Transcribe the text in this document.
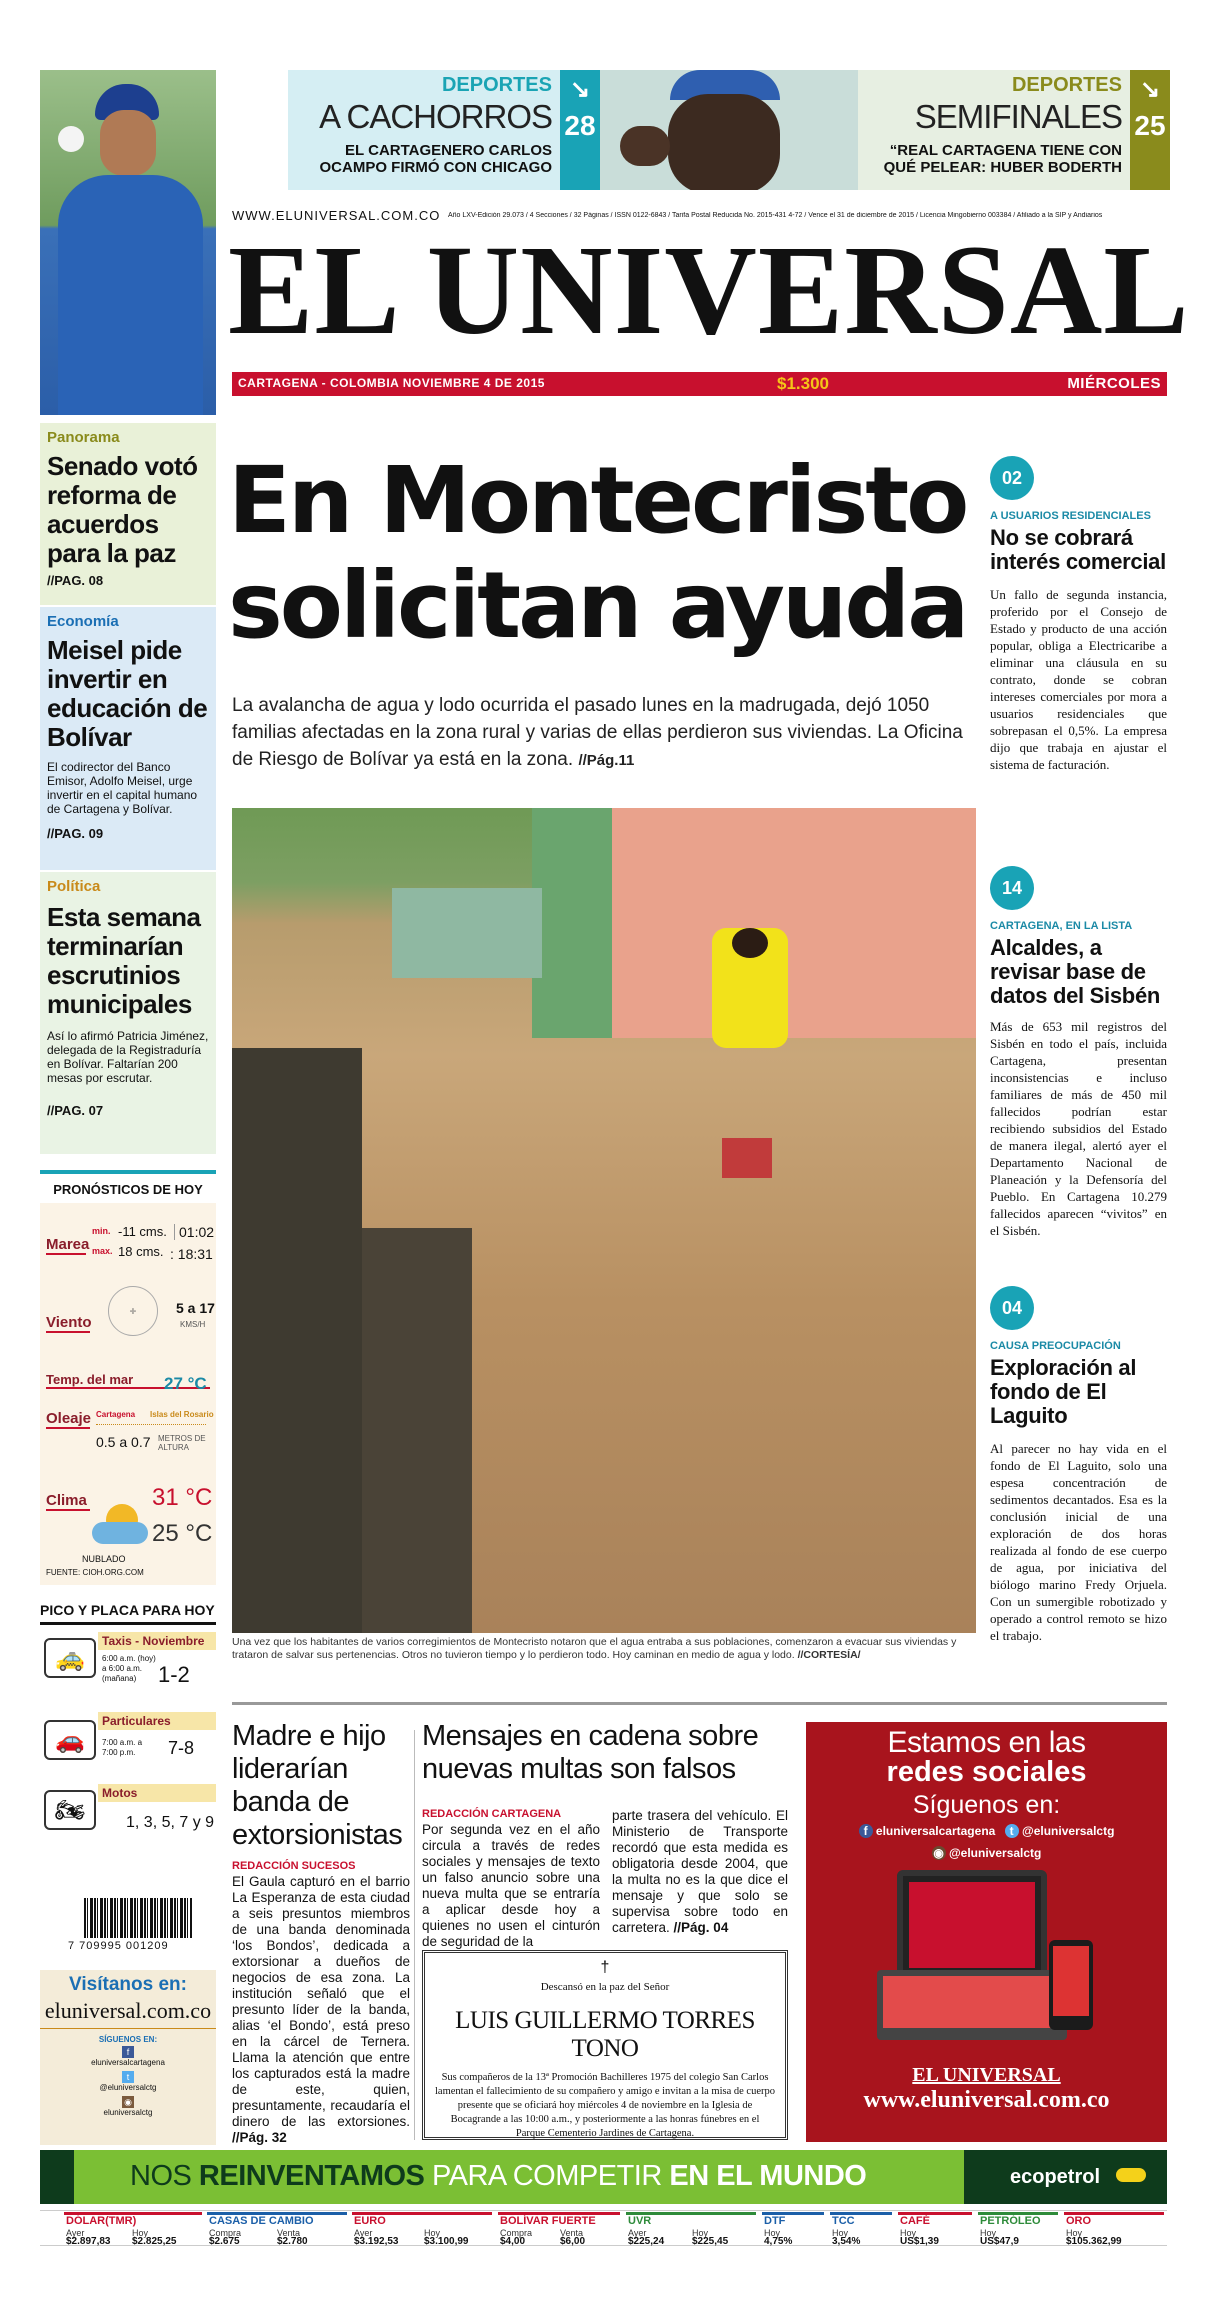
DEPORTES
A CACHORROS
EL CARTAGENERO CARLOS OCAMPO FIRMÓ CON CHICAGO
↘
28
DEPORTES
SEMIFINALES
“REAL CARTAGENA TIENE CON QUÉ PELEAR: HUBER BODERTH
↘
25
WWW.ELUNIVERSAL.COM.CO Año LXV-Edición 29.073 / 4 Secciones / 32 Páginas / ISSN 0122-6843 / Tarifa Postal Reducida No. 2015-431 4-72 / Vence el 31 de diciembre de 2015 / Licencia Mingobierno 003384 / Afiliado a la SIP y Andiarios
EL UNIVERSAL
CARTAGENA - COLOMBIA NOVIEMBRE 4 DE 2015	$1.300	MIÉRCOLES
Panorama
Senado votó reforma de acuerdos para la paz
//PAG. 08
Economía
Meisel pide invertir en educación de Bolívar
El codirector del Banco Emisor, Adolfo Meisel, urge invertir en el capital humano de Cartagena y Bolívar.
//PAG. 09
Política
Esta semana terminarían escrutinios municipales
Así lo afirmó Patricia Jiménez, delegada de la Registraduría en Bolívar. Faltarían 200 mesas por escrutar.
//PAG. 07
PRONÓSTICOS DE HOY
Marea
min. -11 cms.
max. 18 cms.
01:02
: 18:31
Viento
✛	5 a 17
KMS/H
Temp. del mar	27 °C
Oleaje Cartagena Islas del Rosario
0.5 a 0.7 METROS DE ALTURA
Clima	31 °C
25 °C
NUBLADO
FUENTE: CIOH.ORG.COM
PICO Y PLACA PARA HOY
🚕
Taxis - Noviembre
6:00 a.m. (hoy) a 6:00 a.m. (mañana) 1-2
🚗
Particulares
7:00 a.m. a 7:00 p.m.	7-8
🏍
Motos
1, 3, 5, 7 y 9
7 709995 001209
Visítanos en:
eluniversal.com.co
SÍGUENOS EN:
f
eluniversalcartagena
t
@eluniversalctg
◉
eluniversalctg
En Montecristo
solicitan ayuda
La avalancha de agua y lodo ocurrida el pasado lunes en la madrugada, dejó 1050 familias afectadas en la zona rural y varias de ellas perdieron sus viviendas. La Oficina de Riesgo de Bolívar ya está en la zona. //Pág.11
Una vez que los habitantes de varios corregimientos de Montecristo notaron que el agua entraba a sus poblaciones, comenzaron a evacuar sus viviendas y trataron de salvar sus pertenencias. Otros no tuvieron tiempo y lo perdieron todo. Hoy caminan en medio de agua y lodo. //CORTESÍA/
02
A USUARIOS RESIDENCIALES
No se cobrará interés comercial
Un fallo de segunda instancia, proferido por el Consejo de Estado y producto de una acción popular, obliga a Electricaribe a eliminar una cláusula en su contrato, donde se cobran intereses comerciales por mora a usuarios residenciales que sobrepasan el 0,5%. La empresa dijo que trabaja en ajustar el sistema de facturación.
14
CARTAGENA, EN LA LISTA
Alcaldes, a revisar base de datos del Sisbén
Más de 653 mil registros del Sisbén en todo el país, incluida Cartagena, presentan inconsistencias e incluso familiares de más de 450 mil fallecidos podrían estar recibiendo subsidios del Estado de manera ilegal, alertó ayer el Departamento Nacional de Planeación y la Defensoría del Pueblo. En Cartagena 10.279 fallecidos aparecen “vivitos” en el Sisbén.
04
CAUSA PREOCUPACIÓN
Exploración al fondo de El Laguito
Al parecer no hay vida en el fondo de El Laguito, solo una espesa concentración de sedimentos decantados. Esa es la conclusión inicial de una exploración de dos horas realizada al fondo de ese cuerpo de agua, por iniciativa del biólogo marino Fredy Orjuela. Con un sumergible robotizado y operado a control remoto se hizo el trabajo.
Madre e hijo liderarían banda de extorsionistas
REDACCIÓN SUCESOS
El Gaula capturó en el barrio La Esperanza de esta ciudad a seis presuntos miembros de una banda denominada ‘los Bondos’, dedicada a extorsionar a dueños de negocios de esa zona. La institución señaló que el presunto líder de la banda, alias ‘el Bondo’, está preso en la cárcel de Ternera. Llama la atención que entre los capturados está la madre de este, quien, presuntamente, recaudaría el dinero de las extorsiones. //Pág. 32
Mensajes en cadena sobre nuevas multas son falsos
REDACCIÓN CARTAGENA
Por segunda vez en el año circula a través de redes sociales y mensajes de texto un falso anuncio sobre una nueva multa que se entraría a aplicar desde hoy a quienes no usen el cinturón de seguridad de la
parte trasera del vehículo. El Ministerio de Transporte recordó que esta medida es obligatoria desde 2004, que la multa no es la que dice el mensaje y que solo se supervisa sobre todo en carretera. //Pág. 04
†
Descansó en la paz del Señor
LUIS GUILLERMO TORRES TONO
Sus compañeros de la 13ª Promoción Bachilleres 1975 del colegio San Carlos lamentan el fallecimiento de su compañero y amigo e invitan a la misa de cuerpo presente que se oficiará hoy miércoles 4 de noviembre en la Iglesia de Bocagrande a las 10:00 a.m., y posteriormente a las honras fúnebres en el Parque Cementerio Jardines de Cartagena.
Estamos en las
redes sociales
Síguenos en:
f eluniversalcartagena t @eluniversalctg
◉ @eluniversalctg
EL UNIVERSAL
www.eluniversal.com.co
NOS REINVENTAMOS PARA COMPETIR EN EL MUNDO	ecopetrol
DÓLAR(TMR)
Ayer	Hoy
$2.897,83 $2.825,25
CASAS DE CAMBIO
Compra	Venta
$2.675	$2.780
EURO
Ayer	Hoy
$3.192,53	$3.100,99
BOLÍVAR FUERTE
Compra	Venta
$4,00	$6,00
UVR
Ayer	Hoy
$225,24	$225,45
DTF
Hoy
4,75%
TCC
Hoy
3,54%
CAFÉ
Hoy
US$1,39
PETRÓLEO
Hoy
US$47,9
ORO
Hoy
$105.362,99
